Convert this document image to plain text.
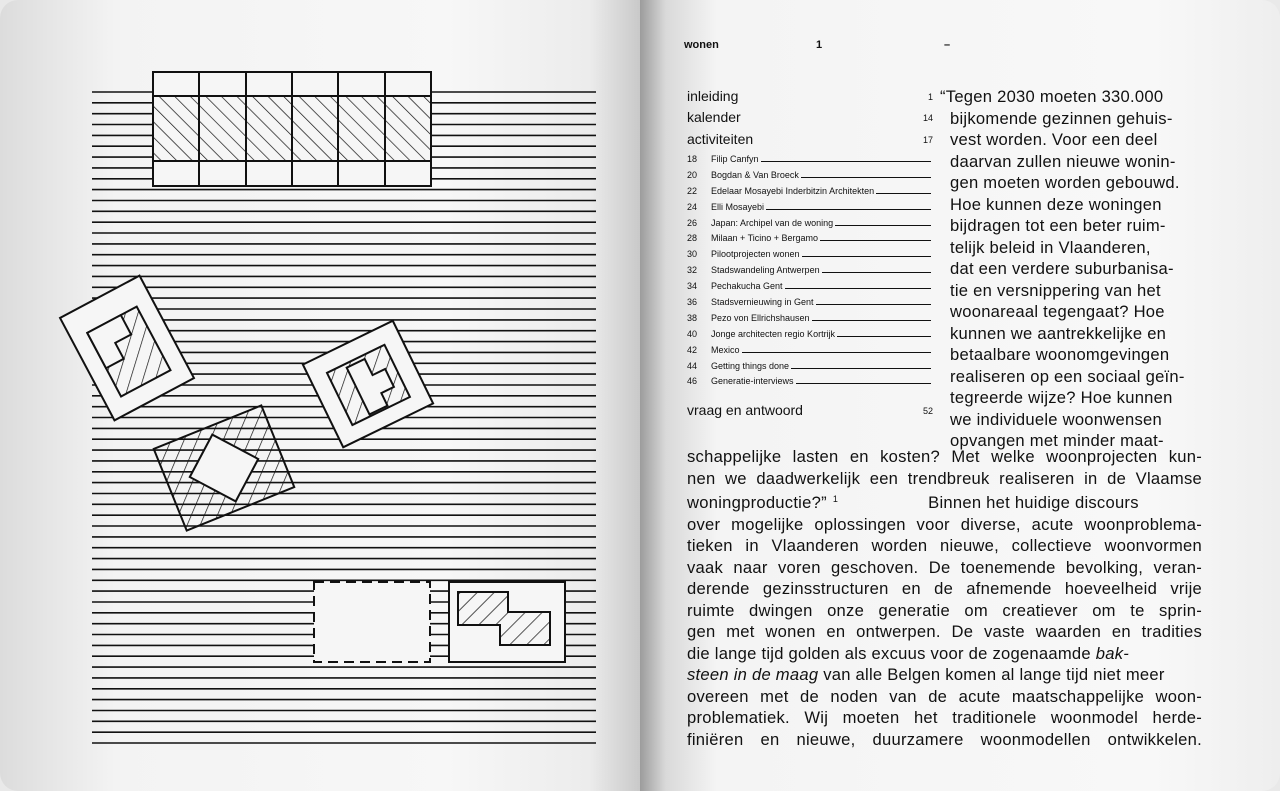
wonen	1	–
inleiding	1
kalender	14
activiteiten	17
18	Filip Canfyn
20	Bogdan & Van Broeck
22	Edelaar Mosayebi Inderbitzin Architekten
24	Elli Mosayebi
26	Japan: Archipel van de woning
28	Milaan + Ticino + Bergamo
30	Pilootprojecten wonen
32	Stadswandeling Antwerpen
34	Pechakucha Gent
36	Stadsvernieuwing in Gent
38	Pezo von Ellrichshausen
40	Jonge architecten regio Kortrijk
42	Mexico
44	Getting things done
46	Generatie-interviews
vraag en antwoord	52
“Tegen 2030 moeten 330.000
bijkomende gezinnen gehuis-
vest worden. Voor een deel
daarvan zullen nieuwe wonin-
gen moeten worden gebouwd.
Hoe kunnen deze woningen
bijdragen tot een beter ruim-
telijk beleid in Vlaanderen,
dat een verdere suburbanisa-
tie en versnippering van het
woonareaal tegengaat? Hoe
kunnen we aantrekkelijke en
betaalbare woonomgevingen
realiseren op een sociaal geïn-
tegreerde wijze? Hoe kunnen
we individuele woonwensen
opvangen met minder maat-
schappelijke lasten en kosten? Met welke woonprojecten kun-
nen we daadwerkelijk een trendbreuk realiseren in de Vlaamse
woningproductie?” $^1$	Binnen het huidige discours
over mogelijke oplossingen voor diverse, acute woonproblema-
tieken in Vlaanderen worden nieuwe, collectieve woonvormen
vaak naar voren geschoven. De toenemende bevolking, veran-
derende gezinsstructuren en de afnemende hoeveelheid vrije
ruimte dwingen onze generatie om creatiever om te sprin-
gen met wonen en ontwerpen. De vaste waarden en tradities
die lange tijd golden als excuus voor de zogenaamde bak-
steen in de maag van alle Belgen komen al lange tijd niet meer
overeen met de noden van de acute maatschappelijke woon-
problematiek. Wij moeten het traditionele woonmodel herde-
finiëren en nieuwe, duurzamere woonmodellen ontwikkelen.
